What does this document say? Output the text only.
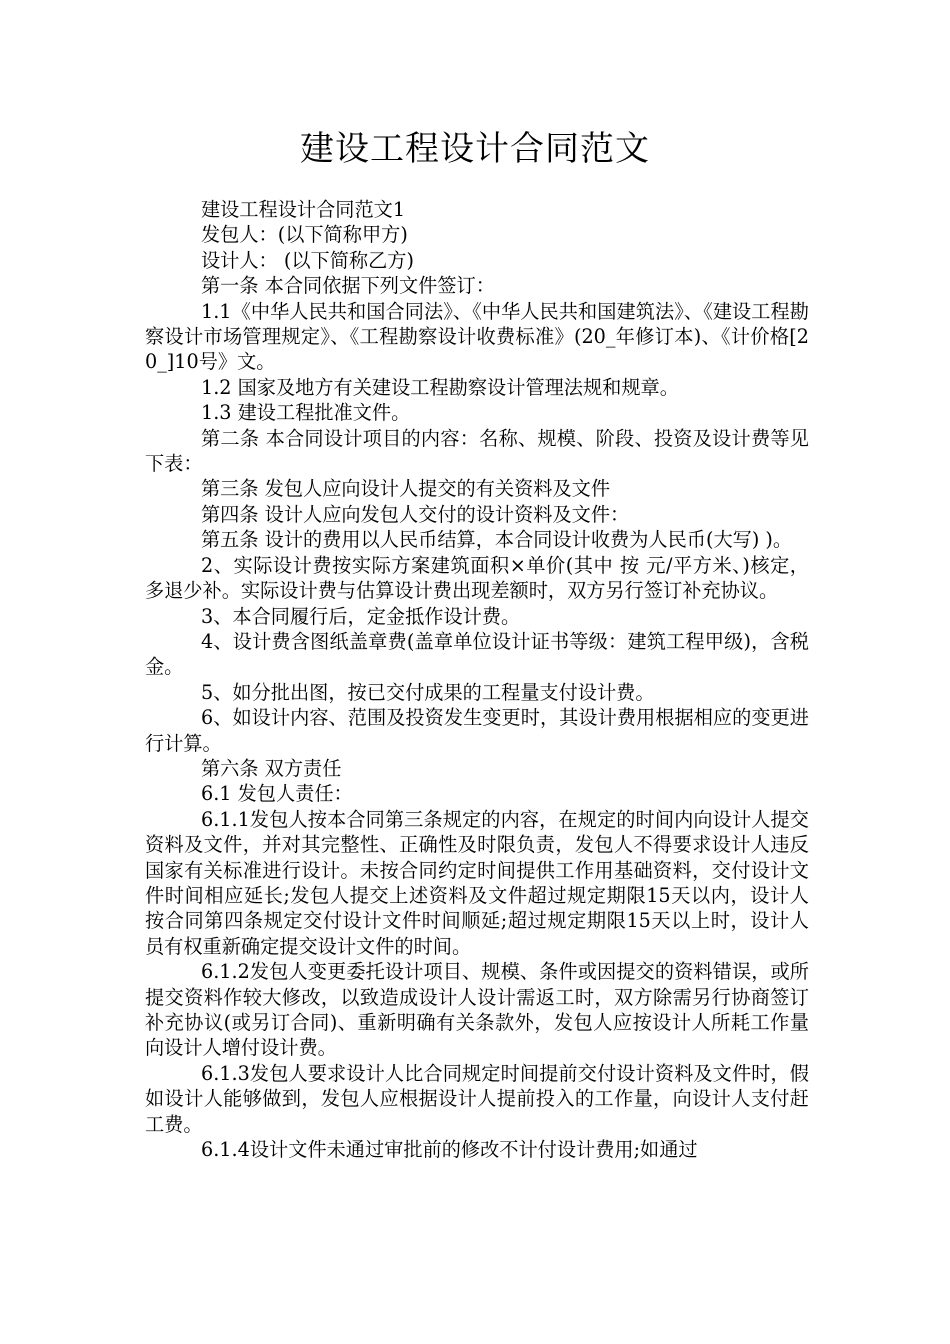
建设工程设计合同范文

建设工程设计合同范文1

发包人：(以下简称甲方)

设计人： (以下简称乙方)

第一条 本合同依据下列文件签订：

1.1《中华人民共和国合同法》、《中华人民共和国建筑法》、《建设工程勘察设计市场管理规定》、《工程勘察设计收费标准》(20_年修订本)、《计价格[20_]10号》文。

1.2 国家及地方有关建设工程勘察设计管理法规和规章。

1.3 建设工程批准文件。

第二条 本合同设计项目的内容：名称、规模、阶段、投资及设计费等见下表：

第三条 发包人应向设计人提交的有关资料及文件

第四条 设计人应向发包人交付的设计资料及文件：

第五条 设计的费用以人民币结算，本合同设计收费为人民币(大写) )。

2、实际设计费按实际方案建筑面积×单价(其中 按 元/平方米、)核定，多退少补。实际设计费与估算设计费出现差额时，双方另行签订补充协议。

3、本合同履行后，定金抵作设计费。

4、设计费含图纸盖章费(盖章单位设计证书等级：建筑工程甲级)，含税 金。

5、如分批出图，按已交付成果的工程量支付设计费。

6、如设计内容、范围及投资发生变更时，其设计费用根据相应的变更进行计算。

第六条 双方责任

6.1 发包人责任：

6.1.1发包人按本合同第三条规定的内容，在规定的时间内向设计人提交资料及文件，并对其完整性、正确性及时限负责，发包人不得要求设计人违反国家有关标准进行设计。未按合同约定时间提供工作用基础资料，交付设计文件时间相应延长;发包人提交上述资料及文件超过规定期限15天以内，设计人按合同第四条规定交付设计文件时间顺延;超过规定期限15天以上时，设计人员有权重新确定提交设计文件的时间。

6.1.2发包人变更委托设计项目、规模、条件或因提交的资料错误，或所提交资料作较大修改，以致造成设计人设计需返工时，双方除需另行协商签订补充协议(或另订合同)、重新明确有关条款外，发包人应按设计人所耗工作量向设计人增付设计费。

6.1.3发包人要求设计人比合同规定时间提前交付设计资料及文件时，假如设计人能够做到，发包人应根据设计人提前投入的工作量，向设计人支付赶工费。

6.1.4设计文件未通过审批前的修改不计付设计费用;如通过
